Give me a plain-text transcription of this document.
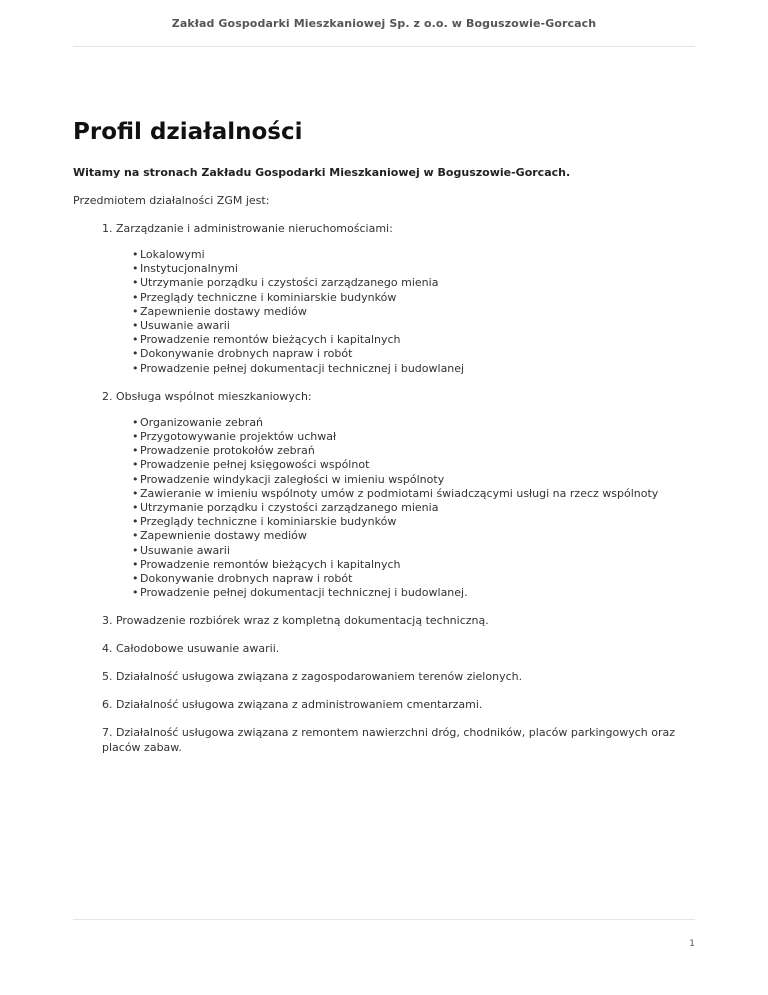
Zakład Gospodarki Mieszkaniowej Sp. z o.o. w Boguszowie-Gorcach
Profil działalności

Witamy na stronach Zakładu Gospodarki Mieszkaniowej w Boguszowie-Gorcach.

Przedmiotem działalności ZGM jest:

1. Zarządzanie i administrowanie nieruchomościami:
• Lokalowymi
• Instytucjonalnymi
• Utrzymanie porządku i czystości zarządzanego mienia
• Przeglądy techniczne i kominiarskie budynków
• Zapewnienie dostawy mediów
• Usuwanie awarii
• Prowadzenie remontów bieżących i kapitalnych
• Dokonywanie drobnych napraw i robót
• Prowadzenie pełnej dokumentacji technicznej i budowlanej
2. Obsługa wspólnot mieszkaniowych:
• Organizowanie zebrań
• Przygotowywanie projektów uchwał
• Prowadzenie protokołów zebrań
• Prowadzenie pełnej księgowości wspólnot
• Prowadzenie windykacji zaległości w imieniu wspólnoty
• Zawieranie w imieniu wspólnoty umów z podmiotami świadczącymi usługi na rzecz wspólnoty
• Utrzymanie porządku i czystości zarządzanego mienia
• Przeglądy techniczne i kominiarskie budynków
• Zapewnienie dostawy mediów
• Usuwanie awarii
• Prowadzenie remontów bieżących i kapitalnych
• Dokonywanie drobnych napraw i robót
• Prowadzenie pełnej dokumentacji technicznej i budowlanej.
3. Prowadzenie rozbiórek wraz z kompletną dokumentacją techniczną.
4. Całodobowe usuwanie awarii.
5. Działalność usługowa związana z zagospodarowaniem terenów zielonych.
6. Działalność usługowa związana z administrowaniem cmentarzami.
7. Działalność usługowa związana z remontem nawierzchni dróg, chodników, placów parkingowych oraz placów zabaw.
1
